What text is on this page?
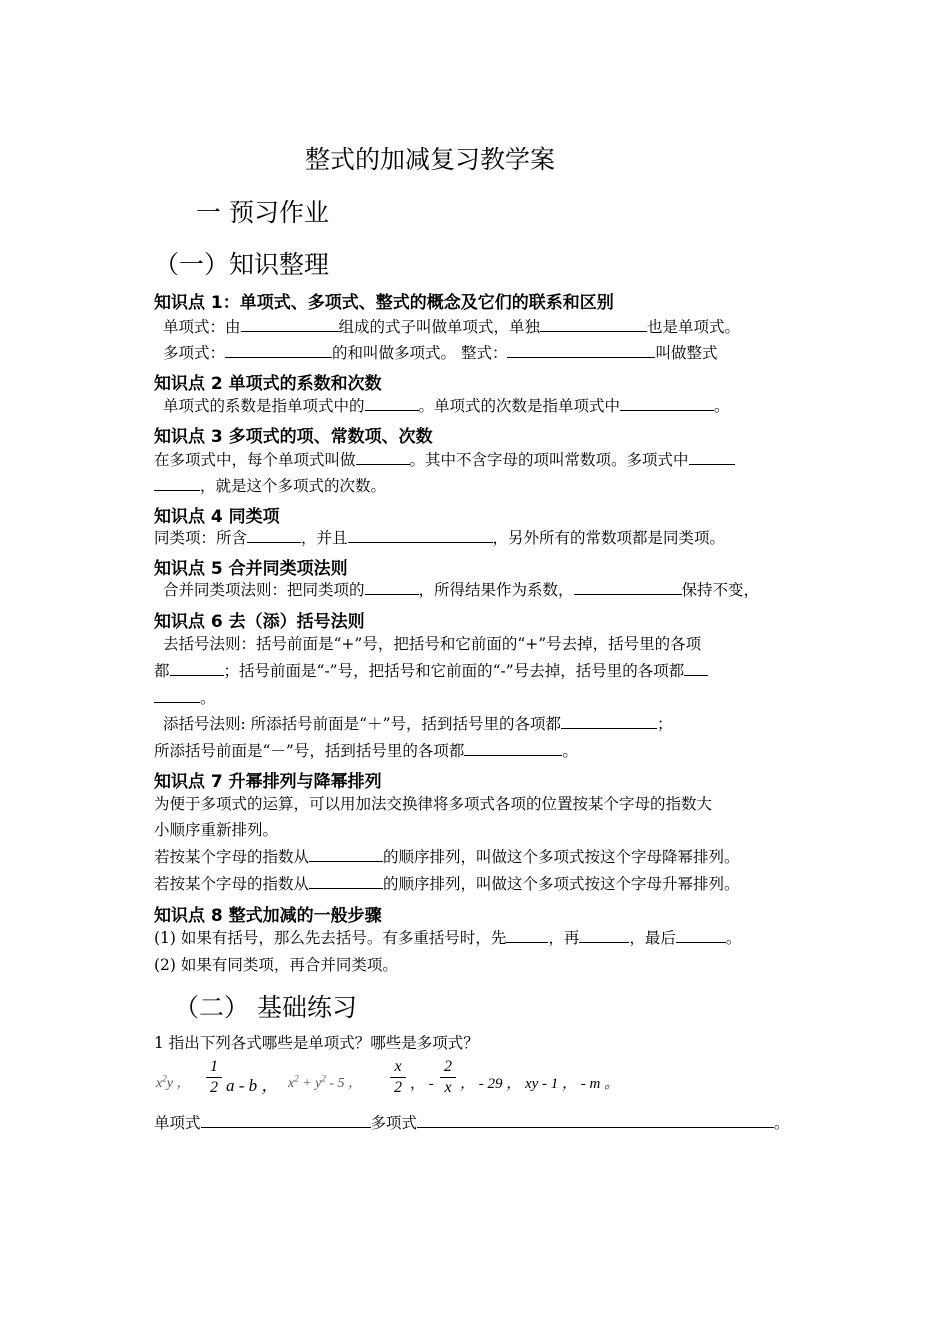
整式的加减复习教学案
一 预习作业
（一）知识整理
知识点 1：单项式、多项式、整式的概念及它们的联系和区别
单项式：由	组成的式子叫做单项式，单独	也是单项式。
多项式：	的和叫做多项式。 整式：	叫做整式
知识点 2 单项式的系数和次数
单项式的系数是指单项式中的	。单项式的次数是指单项式中	。
知识点 3 多项式的项、常数项、次数
在多项式中，每个单项式叫做	。其中不含字母的项叫常数项。多项式中
，就是这个多项式的次数。
知识点 4 同类项
同类项：所含	，并且	，另外所有的常数项都是同类项。
知识点 5 合并同类项法则
合并同类项法则：把同类项的	，所得结果作为系数，	保持不变，
知识点 6 去（添）括号法则
去括号法则：括号前面是“+”号，把括号和它前面的“+”号去掉，括号里的各项
都	；括号前面是“-”号，把括号和它前面的“-”号去掉，括号里的各项都
。
添括号法则: 所添括号前面是“＋”号，括到括号里的各项都	；
所添括号前面是“－”号，括到括号里的各项都	。
知识点 7 升幂排列与降幂排列
为便于多项式的运算，可以用加法交换律将多项式各项的位置按某个字母的指数大
小顺序重新排列。
若按某个字母的指数从	的顺序排列，叫做这个多项式按这个字母降幂排列。
若按某个字母的指数从	的顺序排列，叫做这个多项式按这个字母升幂排列。
知识点 8 整式加减的一般步骤
(1) 如果有括号，那么先去括号。有多重括号时，先	，再	，最后	。
(2) 如果有同类项，再合并同类项。
（二） 基础练习
1 指出下列各式哪些是单项式？哪些是多项式？
$x^2y$ ，
1
2 a - b ， $x^2 + y^2 - 5$ ，
x
2 ， -
2
x ， - 29 ， xy - 1 ， - m 。
单项式	多项式	。
